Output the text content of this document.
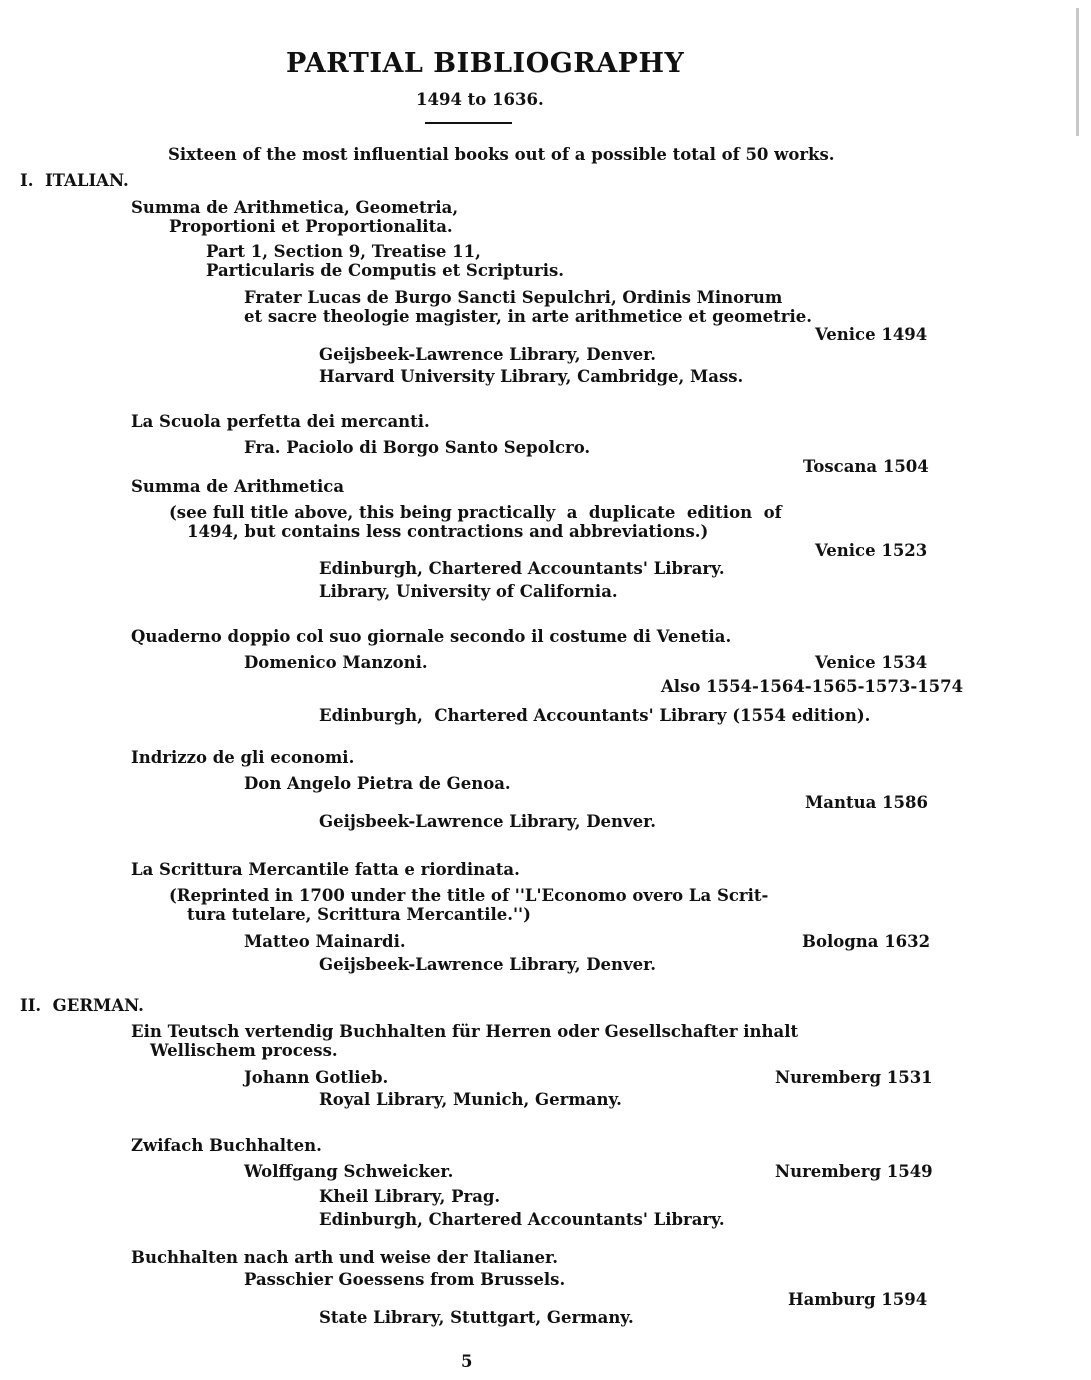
PARTIAL BIBLIOGRAPHY
1494 to 1636.
Sixteen of the most influential books out of a possible total of 50 works.
I.  ITALIAN.
Summa de Arithmetica, Geometria,
Proportioni et Proportionalita.
Part 1, Section 9, Treatise 11,
Particularis de Computis et Scripturis.
Frater Lucas de Burgo Sancti Sepulchri, Ordinis Minorum
et sacre theologie magister, in arte arithmetice et geometrie.
Venice 1494
Geijsbeek-Lawrence Library, Denver.
Harvard University Library, Cambridge, Mass.
La Scuola perfetta dei mercanti.
Fra. Paciolo di Borgo Santo Sepolcro.
Toscana 1504
Summa de Arithmetica
(see full title above, this being practically  a  duplicate  edition  of
1494, but contains less contractions and abbreviations.)
Venice 1523
Edinburgh, Chartered Accountants' Library.
Library, University of California.
Quaderno doppio col suo giornale secondo il costume di Venetia.
Domenico Manzoni.	Venice 1534
Also 1554-1564-1565-1573-1574
Edinburgh,  Chartered Accountants' Library (1554 edition).
Indrizzo de gli economi.
Don Angelo Pietra de Genoa.
Mantua 1586
Geijsbeek-Lawrence Library, Denver.
La Scrittura Mercantile fatta e riordinata.
(Reprinted in 1700 under the title of ''L'Economo overo La Scrit-
tura tutelare, Scrittura Mercantile.'')
Matteo Mainardi.	Bologna 1632
Geijsbeek-Lawrence Library, Denver.
II.  GERMAN.
Ein Teutsch vertendig Buchhalten für Herren oder Gesellschafter inhalt
Wellischem process.
Johann Gotlieb.	Nuremberg 1531
Royal Library, Munich, Germany.
Zwifach Buchhalten.
Wolffgang Schweicker.	Nuremberg 1549
Kheil Library, Prag.
Edinburgh, Chartered Accountants' Library.
Buchhalten nach arth und weise der Italianer.
Passchier Goessens from Brussels.
Hamburg 1594
State Library, Stuttgart, Germany.
5
